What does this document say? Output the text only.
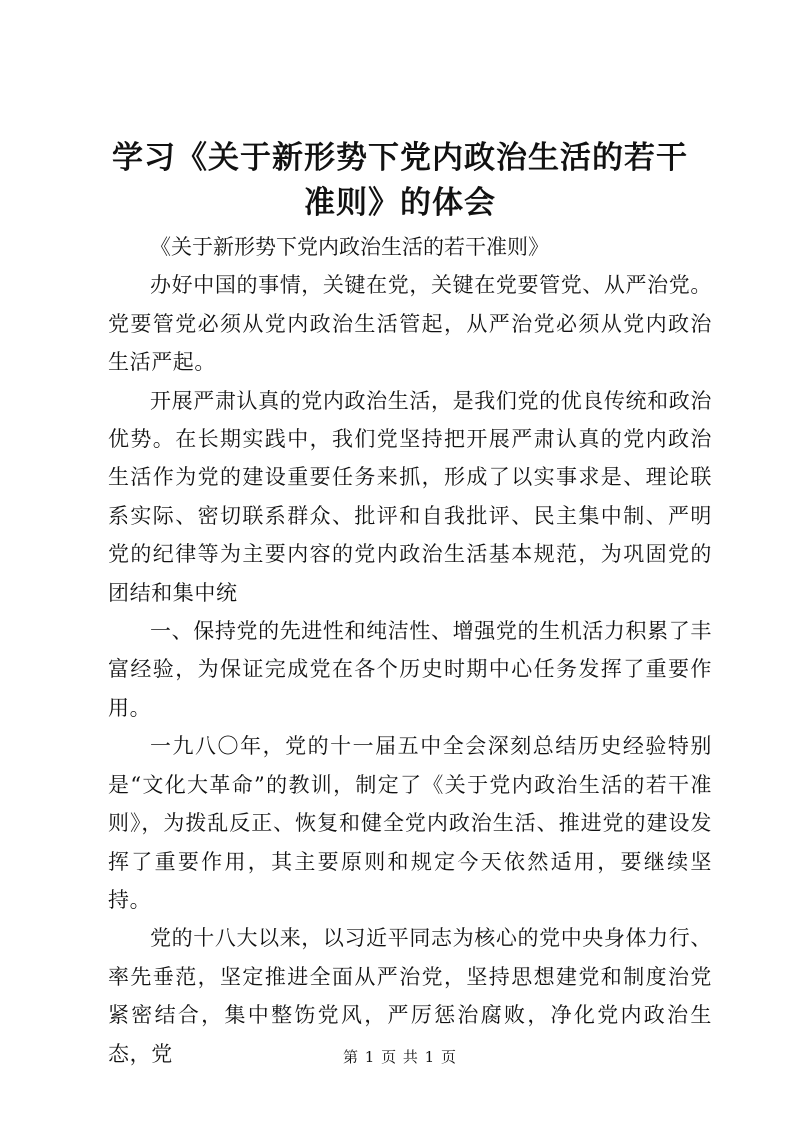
学习《关于新形势下党内政治生活的若干准则》的体会

《关于新形势下党内政治生活的若干准则》

办好中国的事情，关键在党，关键在党要管党、从严治党。党要管党必须从党内政治生活管起，从严治党必须从党内政治生活严起。

开展严肃认真的党内政治生活，是我们党的优良传统和政治优势。在长期实践中，我们党坚持把开展严肃认真的党内政治生活作为党的建设重要任务来抓，形成了以实事求是、理论联系实际、密切联系群众、批评和自我批评、民主集中制、严明党的纪律等为主要内容的党内政治生活基本规范，为巩固党的团结和集中统

一、保持党的先进性和纯洁性、增强党的生机活力积累了丰富经验，为保证完成党在各个历史时期中心任务发挥了重要作用。

一九八〇年，党的十一届五中全会深刻总结历史经验特别是“文化大革命”的教训，制定了《关于党内政治生活的若干准则》，为拨乱反正、恢复和健全党内政治生活、推进党的建设发挥了重要作用，其主要原则和规定今天依然适用，要继续坚持。

党的十八大以来，以习近平同志为核心的党中央身体力行、率先垂范，坚定推进全面从严治党，坚持思想建党和制度治党紧密结合，集中整饬党风，严厉惩治腐败，净化党内政治生态，党	第 1 页 共 1 页
